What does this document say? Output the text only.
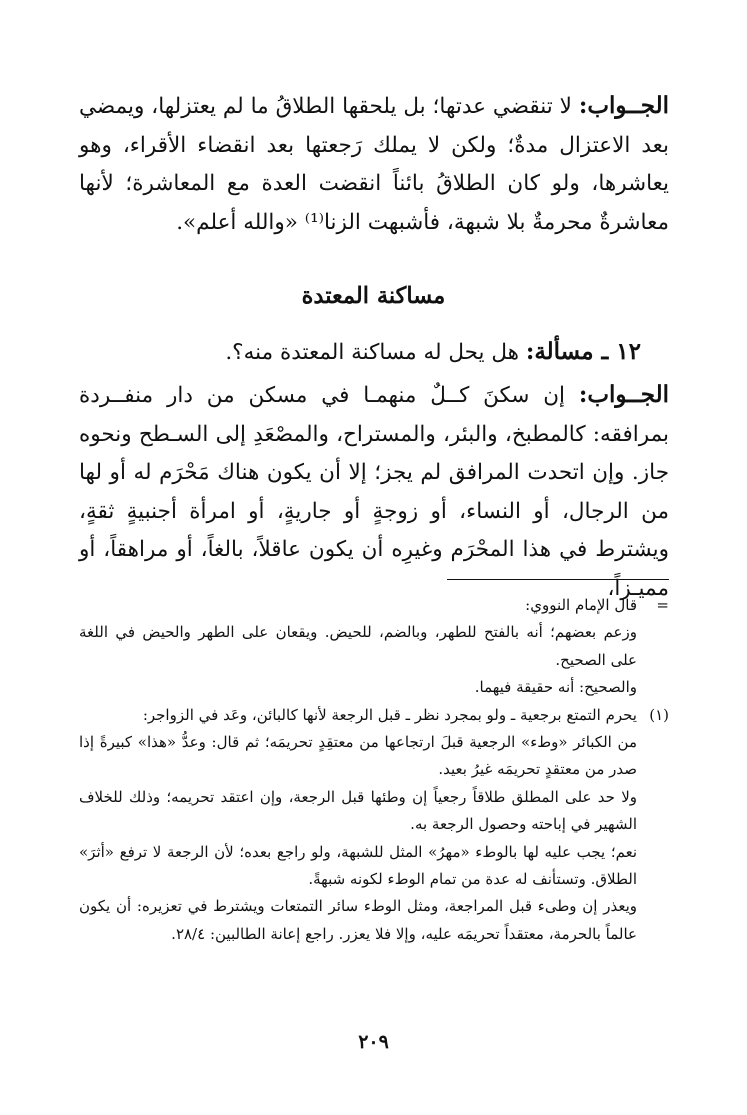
الجــواب: لا تنقضي عدتها؛ بل يلحقها الطلاقُ ما لم يعتزلها، ويمضي بعد الاعتزال مدةٌ؛ ولكن لا يملك رَجعتها بعد انقضاء الأقراء، وهو يعاشرها، ولو كان الطلاقُ بائناً انقضت العدة مع المعاشرة؛ لأنها معاشرةٌ محرمةٌ بلا شبهة، فأشبهت الزنا⁽¹⁾ «والله أعلم».
مساكنة المعتدة
١٢ ـ مسألة: هل يحل له مساكنة المعتدة منه؟.
الجــواب: إن سكنَ كــلٌ منهمـا في مسكن من دار منفــردة بمرافقه: كالمطبخ، والبئر، والمستراح، والمصْعَدِ إلى السـطح ونحوه جاز. وإن اتحدت المرافق لم يجز؛ إلا أن يكون هناك مَحْرَم له أو لها من الرجال، أو النساء، أو زوجةٍ أو جاريةٍ، أو امرأة أجنبيةٍ ثقةٍ، ويشترط في هذا المحْرَم وغيرِه أن يكون عاقلاً، بالغاً، أو مراهقاً، أو مميـزاً،
=
قال الإمام النووي:
وزعم بعضهم؛ أنه بالفتح للطهر، وبالضم، للحيض. ويقعان على الطهر والحيض في اللغة على الصحيح.
والصحيح: أنه حقيقة فيهما.
(١)
يحرم التمتع برجعية ـ ولو بمجرد نظر ـ قبل الرجعة لأنها كالبائن، وعَد في الزواجر:
من الكبائر «وطء» الرجعية قبلَ ارتجاعها من معتقِدٍ تحريمَه؛ ثم قال: وعدُّ «هذا» كبيرةً إذا صدر من معتقدٍ تحريمَه غيرُ بعيد.
ولا حد على المطلق طلاقاً رجعياً إن وطئها قبل الرجعة، وإن اعتقد تحريمه؛ وذلك للخلاف الشهير في إباحته وحصول الرجعة به.
نعم؛ يجب عليه لها بالوطء «مهرُ» المثل للشبهة، ولو راجع بعده؛ لأن الرجعة لا ترفع «أثرَ» الطلاق. وتستأنف له عدة من تمام الوطء لكونه شبهةً.
ويعذر إن وطىء قبل المراجعة، ومثل الوطء سائر التمتعات ويشترط في تعزيره: أن يكون عالماً بالحرمة، معتقداً تحريمَه عليه، وإلا فلا يعزر. راجع إعانة الطالبين: ٢٨/٤.
٢٠٩
